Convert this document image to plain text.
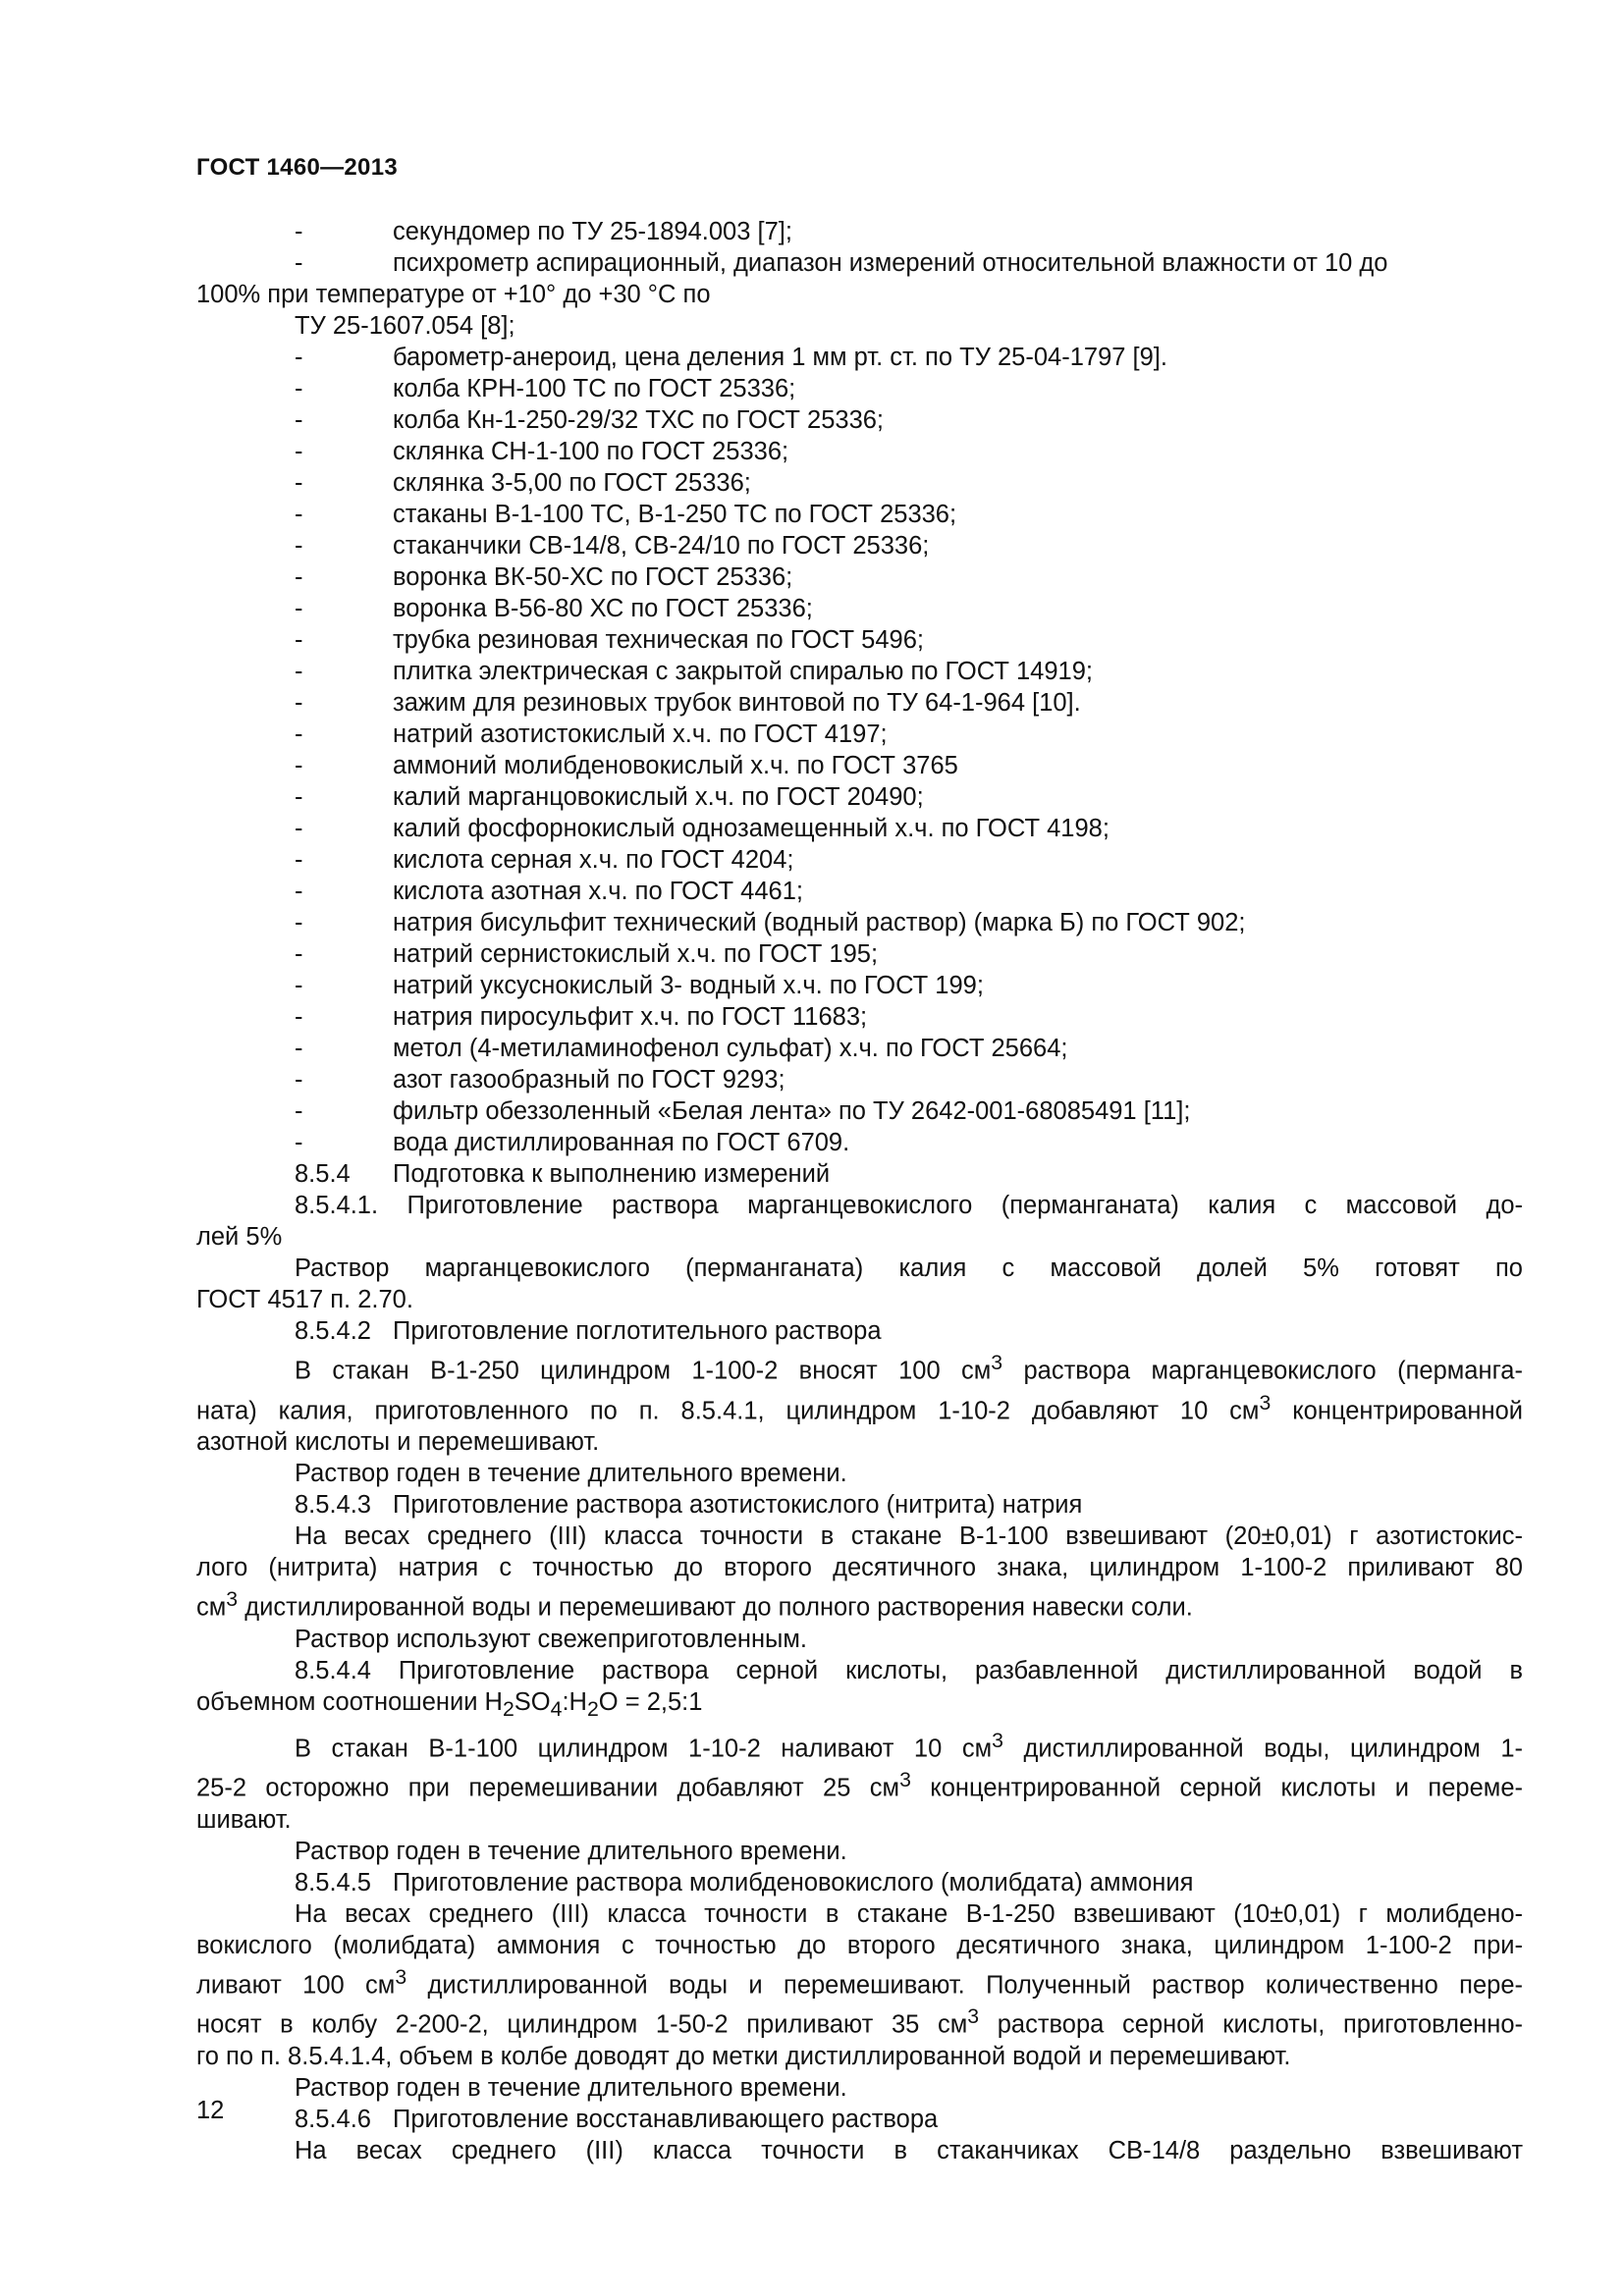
ГОСТ 1460—2013
-	секундомер по ТУ 25-1894.003 [7];
-	психрометр аспирационный, диапазон измерений относительной влажности от 10 до
100% при температуре от +10° до +30 °С по
ТУ 25-1607.054 [8];
-	барометр-анероид, цена деления 1 мм рт. ст. по ТУ 25-04-1797 [9].
-	колба КРН-100 ТС по ГОСТ 25336;
-	колба Кн-1-250-29/32 ТХС по ГОСТ 25336;
-	склянка СН-1-100 по ГОСТ 25336;
-	склянка 3-5,00 по ГОСТ 25336;
-	стаканы В-1-100 ТС, В-1-250 ТС по ГОСТ 25336;
-	стаканчики СВ-14/8, СВ-24/10 по ГОСТ 25336;
-	воронка ВК-50-ХС по ГОСТ 25336;
-	воронка В-56-80 ХС по ГОСТ 25336;
-	трубка резиновая техническая по ГОСТ 5496;
-	плитка электрическая с закрытой спиралью по ГОСТ 14919;
-	зажим для резиновых трубок винтовой по ТУ 64-1-964 [10].
-	натрий азотистокислый х.ч. по ГОСТ 4197;
-	аммоний молибденовокислый х.ч. по ГОСТ 3765
-	калий марганцовокислый х.ч. по ГОСТ 20490;
-	калий фосфорнокислый однозамещенный х.ч. по ГОСТ 4198;
-	кислота серная х.ч. по ГОСТ 4204;
-	кислота азотная х.ч. по ГОСТ 4461;
-	натрия бисульфит технический (водный раствор) (марка Б) по ГОСТ 902;
-	натрий сернистокислый х.ч. по ГОСТ 195;
-	натрий уксуснокислый 3- водный х.ч. по ГОСТ 199;
-	натрия пиросульфит х.ч. по ГОСТ 11683;
-	метол (4-метиламинофенол сульфат) х.ч. по ГОСТ 25664;
-	азот газообразный по ГОСТ 9293;
-	фильтр обеззоленный «Белая лента» по ТУ 2642-001-68085491 [11];
-	вода дистиллированная по ГОСТ 6709.
8.5.4 Подготовка к выполнению измерений
8.5.4.1. Приготовление раствора марганцевокислого (перманганата) калия с массовой до-
лей 5%
Раствор марганцевокислого (перманганата) калия с массовой долей 5% готовят по
ГОСТ 4517 п. 2.70.
8.5.4.2 Приготовление поглотительного раствора
В стакан В-1-250 цилиндром 1-100-2 вносят 100 $см^3$ раствора марганцевокислого (перманга-
ната) калия, приготовленного по п. 8.5.4.1, цилиндром 1-10-2 добавляют 10 $см^3$ концентрированной
азотной кислоты и перемешивают.
Раствор годен в течение длительного времени.
8.5.4.3 Приготовление раствора азотистокислого (нитрита) натрия
На весах среднего (III) класса точности в стакане В-1-100 взвешивают (20±0,01) г азотистокис-
лого (нитрита) натрия с точностью до второго десятичного знака, цилиндром 1-100-2 приливают 80
$см^3$ дистиллированной воды и перемешивают до полного растворения навески соли.
Раствор используют свежеприготовленным.
8.5.4.4 Приготовление раствора серной кислоты, разбавленной дистиллированной водой в
объемном соотношении $H_2SO_4:H_2O$ = 2,5:1
В стакан В-1-100 цилиндром 1-10-2 наливают 10 $см^3$ дистиллированной воды, цилиндром 1-
25-2 осторожно при перемешивании добавляют 25 $см^3$ концентрированной серной кислоты и переме-
шивают.
Раствор годен в течение длительного времени.
8.5.4.5 Приготовление раствора молибденовокислого (молибдата) аммония
На весах среднего (III) класса точности в стакане В-1-250 взвешивают (10±0,01) г молибдено-
вокислого (молибдата) аммония с точностью до второго десятичного знака, цилиндром 1-100-2 при-
ливают 100 $см^3$ дистиллированной воды и перемешивают. Полученный раствор количественно пере-
носят в колбу 2-200-2, цилиндром 1-50-2 приливают 35 $см^3$ раствора серной кислоты, приготовленно-
го по п. 8.5.4.1.4, объем в колбе доводят до метки дистиллированной водой и перемешивают.
Раствор годен в течение длительного времени.
8.5.4.6 Приготовление восстанавливающего раствора
На весах среднего (III) класса точности в стаканчиках СВ-14/8 раздельно взвешивают
12
